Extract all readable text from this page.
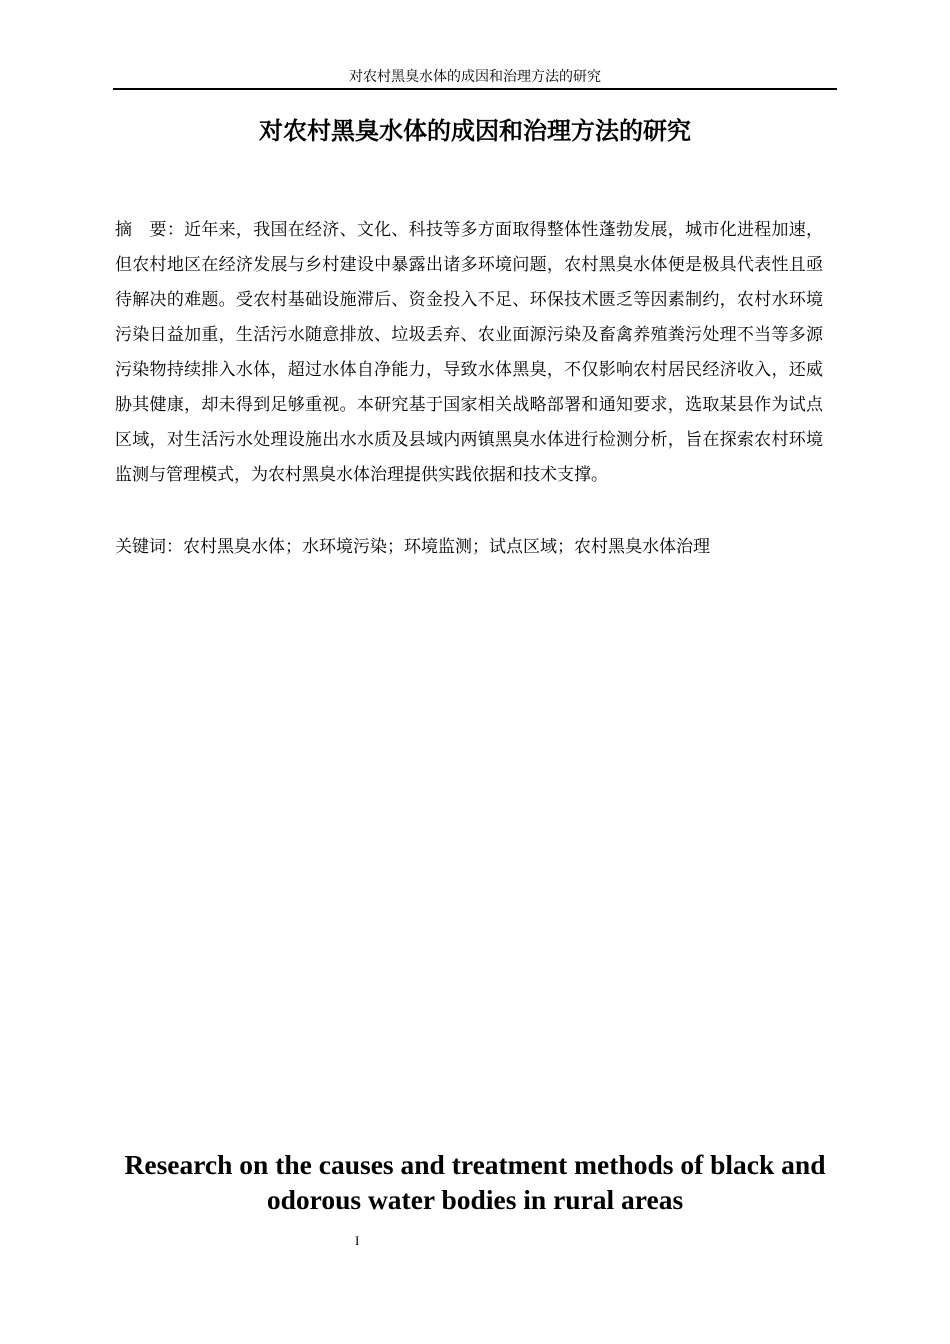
对农村黑臭水体的成因和治理方法的研究
对农村黑臭水体的成因和治理方法的研究

摘　要：近年来，我国在经济、文化、科技等多方面取得整体性蓬勃发展，城市化进程加速，但农村地区在经济发展与乡村建设中暴露出诸多环境问题，农村黑臭水体便是极具代表性且亟待解决的难题。受农村基础设施滞后、资金投入不足、环保技术匮乏等因素制约，农村水环境污染日益加重，生活污水随意排放、垃圾丢弃、农业面源污染及畜禽养殖粪污处理不当等多源污染物持续排入水体，超过水体自净能力，导致水体黑臭，不仅影响农村居民经济收入，还威胁其健康，却未得到足够重视。本研究基于国家相关战略部署和通知要求，选取某县作为试点区域，对生活污水处理设施出水水质及县域内两镇黑臭水体进行检测分析，旨在探索农村环境监测与管理模式，为农村黑臭水体治理提供实践依据和技术支撑。

关键词：农村黑臭水体；水环境污染；环境监测；试点区域；农村黑臭水体治理

Research on the causes and treatment methods of black and odorous water bodies in rural areas
I
